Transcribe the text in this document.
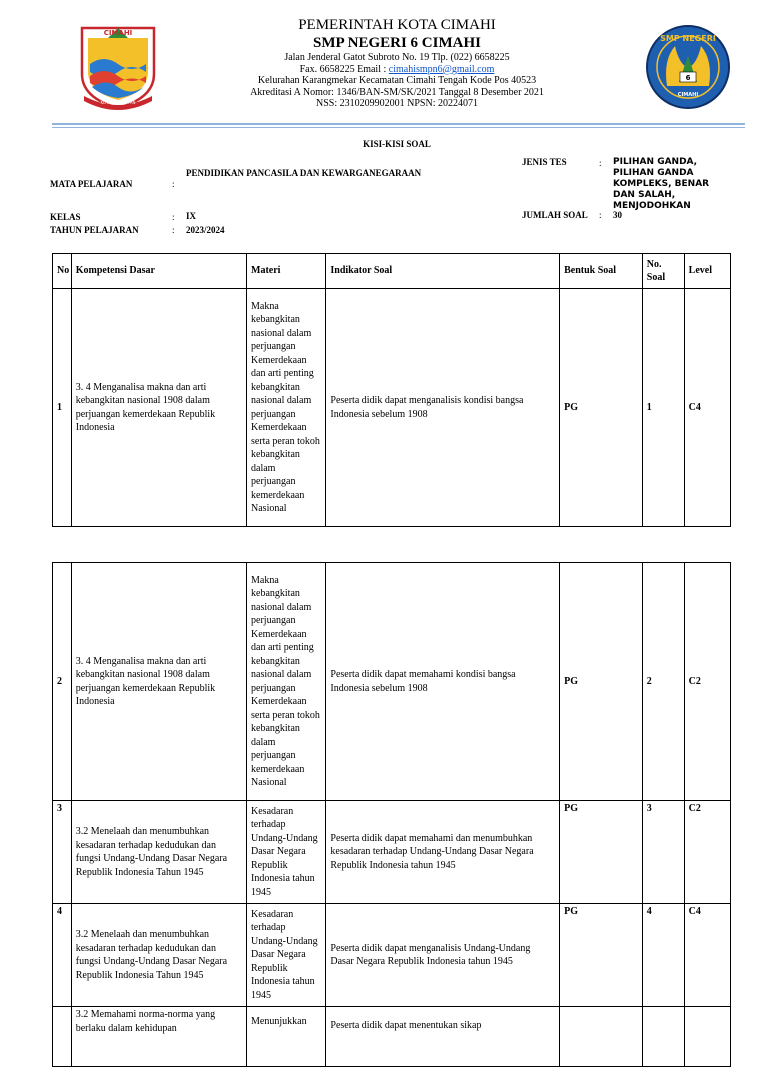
CIMAHI
KOTA KEHIDUPAN
6
SMP NEGERI
CIMAHI
PEMERINTAH KOTA CIMAHI
SMP NEGERI 6 CIMAHI
Jalan Jenderal Gatot Subroto No. 19 Tlp. (022) 6658225
Fax. 6658225 Email : cimahismpn6@gmail.com
Kelurahan Karangmekar Kecamatan Cimahi Tengah Kode Pos 40523
Akreditasi A Nomor: 1346/BAN-SM/SK/2021 Tanggal 8 Desember 2021
NSS: 2310209902001 NPSN: 20224071
KISI-KISI SOAL
MATA PELAJARAN	:
PENDIDIKAN PANCASILA DAN KEWARGANEGARAAN
KELAS	: IX
TAHUN PELAJARAN	: 2023/2024
JENIS TES	: PILIHAN GANDA, PILIHAN GANDA KOMPLEKS, BENAR DAN SALAH, MENJODOHKAN
JUMLAH SOAL : 30
No	Kompetensi Dasar	Materi	Indikator Soal	Bentuk Soal	No. Soal	Level
1	3. 4 Menganalisa makna dan arti kebangkitan nasional 1908 dalam perjuangan kemerdekaan Republik Indonesia	Makna kebangkitan nasional dalam perjuangan Kemerdekaan dan arti penting kebangkitan nasional dalam perjuangan Kemerdekaan serta peran tokoh kebangkitan dalam perjuangan kemerdekaan Nasional	Peserta didik dapat menganalisis kondisi bangsa Indonesia sebelum 1908	PG	1	C4
2	3. 4 Menganalisa makna dan arti kebangkitan nasional 1908 dalam perjuangan kemerdekaan Republik Indonesia	Makna kebangkitan nasional dalam perjuangan Kemerdekaan dan arti penting kebangkitan nasional dalam perjuangan Kemerdekaan serta peran tokoh kebangkitan dalam perjuangan kemerdekaan Nasional	Peserta didik dapat memahami kondisi bangsa Indonesia sebelum 1908	PG	2	C2
3	3.2 Menelaah dan menumbuhkan kesadaran terhadap kedudukan dan fungsi Undang-Undang Dasar Negara Republik Indonesia Tahun 1945	Kesadaran terhadap Undang-Undang Dasar Negara Republik Indonesia tahun 1945	Peserta didik dapat memahami dan menumbuhkan kesadaran terhadap Undang-Undang Dasar Negara Republik Indonesia tahun 1945	PG	3	C2
4	3.2 Menelaah dan menumbuhkan kesadaran terhadap kedudukan dan fungsi Undang-Undang Dasar Negara Republik Indonesia Tahun 1945	Kesadaran terhadap Undang-Undang Dasar Negara Republik Indonesia tahun 1945	Peserta didik dapat menganalisis Undang-Undang Dasar Negara Republik Indonesia tahun 1945	PG	4	C4
	3.2 Memahami norma-norma yang berlaku dalam kehidupan	Menunjukkan	Peserta didik dapat menentukan sikap			
